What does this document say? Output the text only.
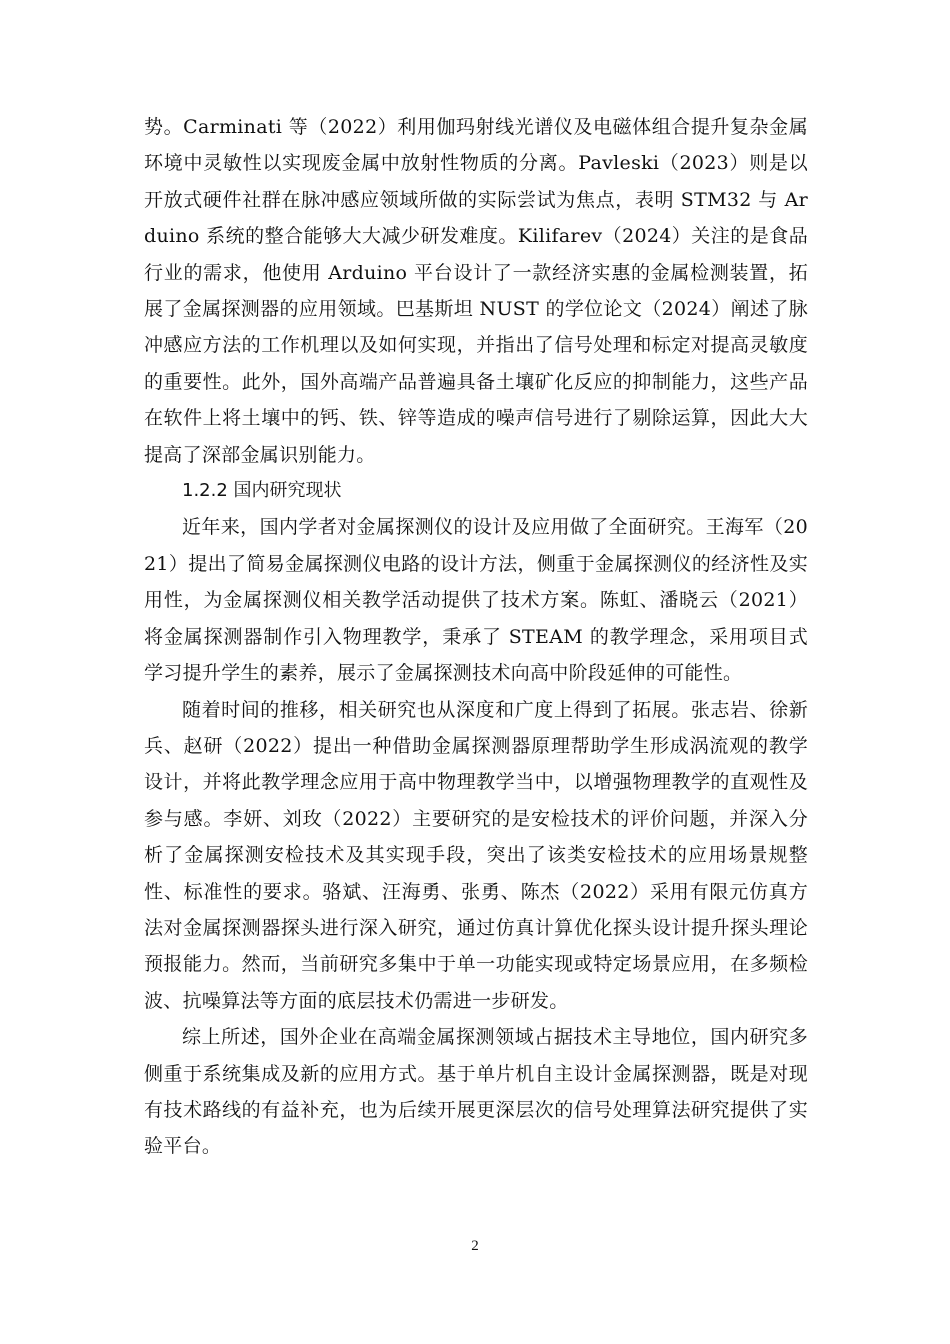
势。Carminati 等（2022）利用伽玛射线光谱仪及电磁体组合提升复杂金属环境中灵敏性以实现废金属中放射性物质的分离。Pavleski（2023）则是以开放式硬件社群在脉冲感应领域所做的实际尝试为焦点，表明 STM32 与 Arduino 系统的整合能够大大减少研发难度。Kilifarev（2024）关注的是食品行业的需求，他使用 Arduino 平台设计了一款经济实惠的金属检测装置，拓展了金属探测器的应用领域。巴基斯坦 NUST 的学位论文（2024）阐述了脉冲感应方法的工作机理以及如何实现，并指出了信号处理和标定对提高灵敏度的重要性。此外，国外高端产品普遍具备土壤矿化反应的抑制能力，这些产品在软件上将土壤中的钙、铁、锌等造成的噪声信号进行了剔除运算，因此大大提高了深部金属识别能力。

1.2.2 国内研究现状

近年来，国内学者对金属探测仪的设计及应用做了全面研究。王海军（2021）提出了简易金属探测仪电路的设计方法，侧重于金属探测仪的经济性及实用性，为金属探测仪相关教学活动提供了技术方案。陈虹、潘晓云（2021）将金属探测器制作引入物理教学，秉承了 STEAM 的教学理念，采用项目式学习提升学生的素养，展示了金属探测技术向高中阶段延伸的可能性。

随着时间的推移，相关研究也从深度和广度上得到了拓展。张志岩、徐新兵、赵研（2022）提出一种借助金属探测器原理帮助学生形成涡流观的教学设计，并将此教学理念应用于高中物理教学当中，以增强物理教学的直观性及参与感。李妍、刘玫（2022）主要研究的是安检技术的评价问题，并深入分析了金属探测安检技术及其实现手段，突出了该类安检技术的应用场景规整性、标准性的要求。骆斌、汪海勇、张勇、陈杰（2022）采用有限元仿真方法对金属探测器探头进行深入研究，通过仿真计算优化探头设计提升探头理论预报能力。然而，当前研究多集中于单一功能实现或特定场景应用，在多频检波、抗噪算法等方面的底层技术仍需进一步研发。

综上所述，国外企业在高端金属探测领域占据技术主导地位，国内研究多侧重于系统集成及新的应用方式。基于单片机自主设计金属探测器，既是对现有技术路线的有益补充，也为后续开展更深层次的信号处理算法研究提供了实验平台。

2
